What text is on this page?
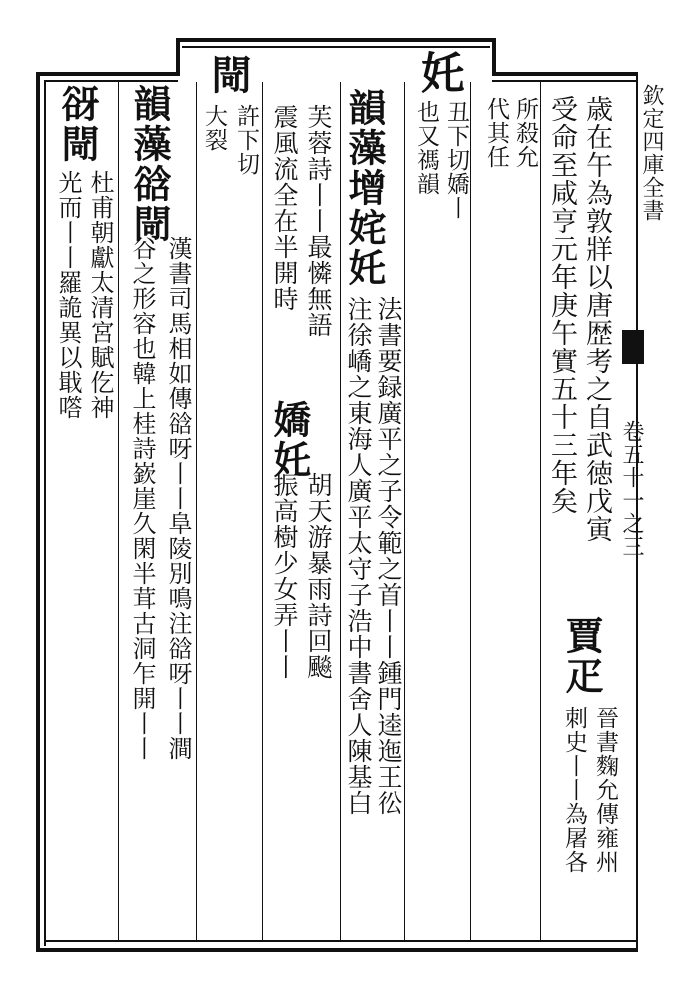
欽定四庫全書
卷五十一之三
歳在午為敦牂以唐歴考之自武徳戊寅
受命至咸亨元年庚午實五十三年矣
所殺允
代其任
賈疋
晉書麴允傳雍州
刺史丨丨為屠各
奼
丑下切嬌丨
也又禡韻
韻藻增姹奼
法書要録廣平之子令範之首丨丨鍾門逵迤王彸
注徐嶠之東海人廣平太守子浩中書舍人陳基白
芙蓉詩丨丨最憐無語
震風流全在半開時
嬌奼
胡天游暴雨詩回飈
振高樹少女弄丨丨
閜
許下切
大裂
韻藻谽閜
漢書司馬相如傳谽呀丨丨阜陵別鳴注谽呀丨丨澗
谷之形容也韓上桂詩嶔崖久閑半茸古洞乍開丨丨
谺閜
杜甫朝獻太清宮賦仡神
光而丨丨羅詭異以戢㗳
